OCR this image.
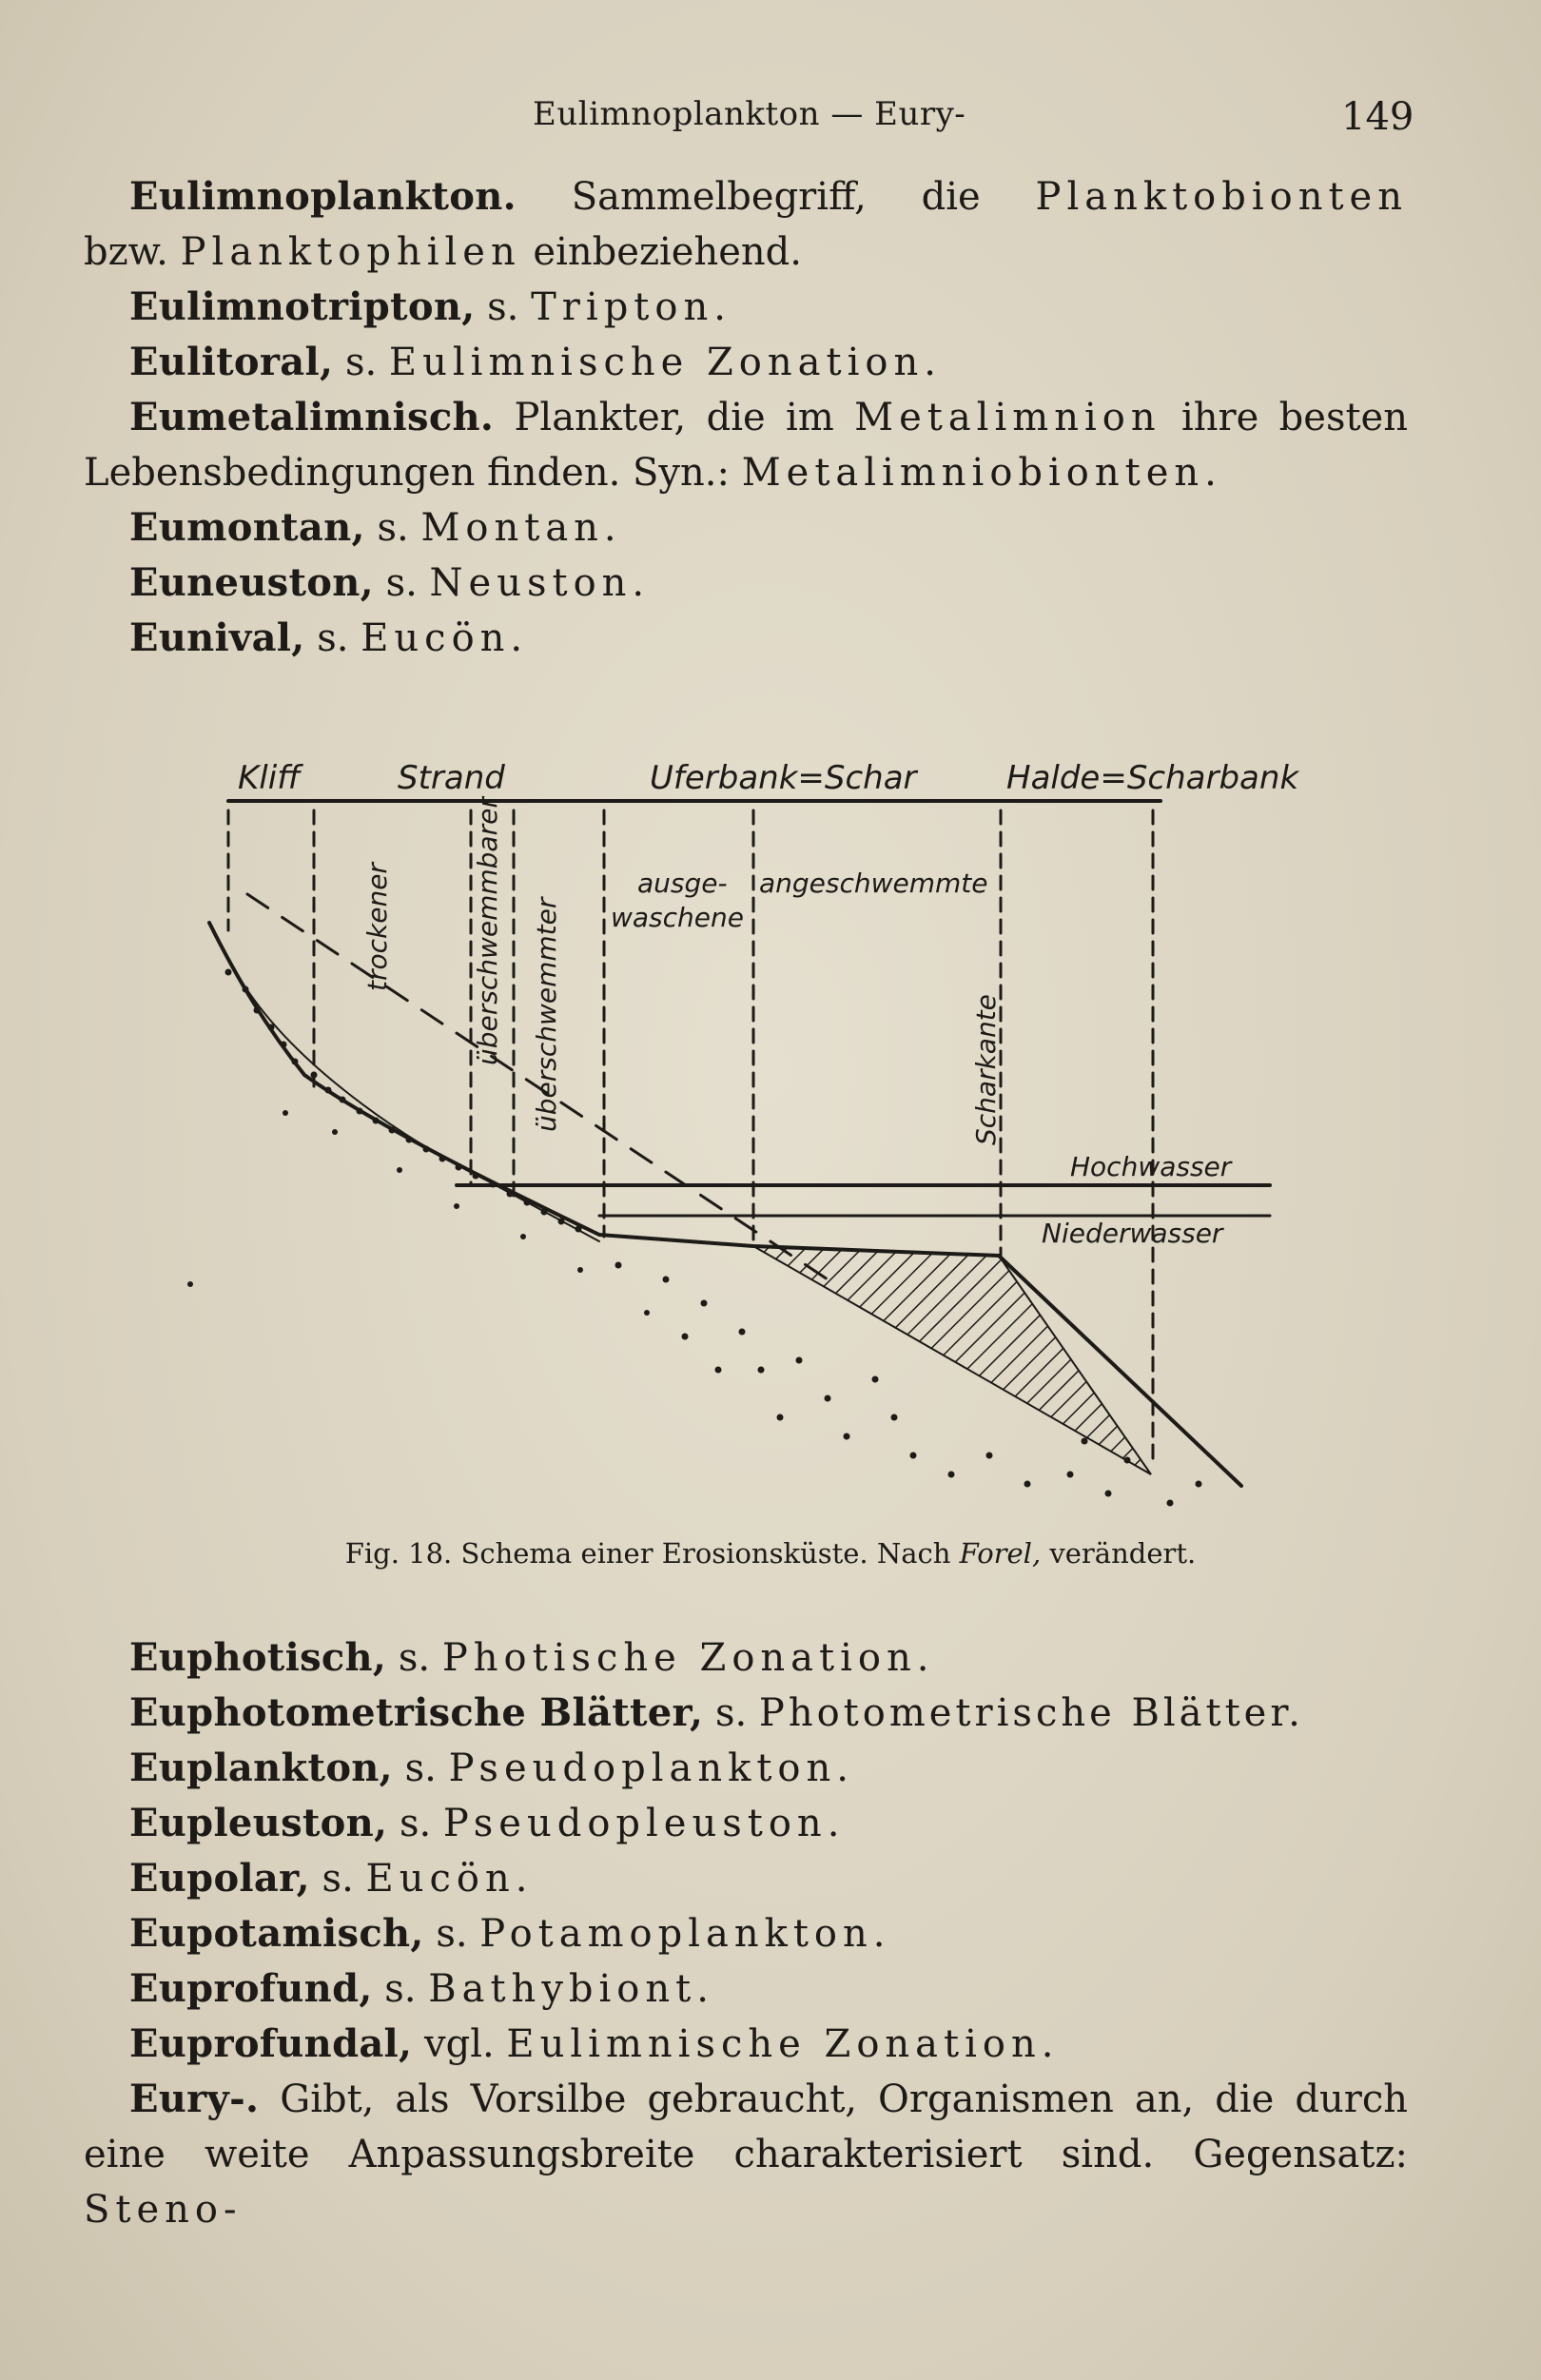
Eulimnoplankton — Eury-	149

Eulimnoplankton. Sammelbegriff, die Planktobionten

bzw. Planktophilen einbeziehend.

Eulimnotripton, s. Tripton.
Eulitoral, s. Eulimnische Zonation.

Eumetalimnisch. Plankter, die im Metalimnion ihre besten

Lebensbedingungen finden. Syn.: Metalimniobionten.

Eumontan, s. Montan.
Euneuston, s. Neuston.
Eunival, s. Eucön.
Kliff	Strand	Uferbank=Schar	Halde=Scharbank
trockener	überschwemmbarer überschwemmter
ausge-
waschene
angeschwemmte
Scharkante
Hochwasser
Niederwasser
Fig. 18. Schema einer Erosionsküste. Nach Forel, verändert.
Euphotisch, s. Photische Zonation.
Euphotometrische Blätter, s. Photometrische Blätter.
Euplankton, s. Pseudoplankton.
Eupleuston, s. Pseudopleuston.
Eupolar, s. Eucön.
Eupotamisch, s. Potamoplankton.
Euprofund, s. Bathybiont.
Euprofundal, vgl. Eulimnische Zonation.

Eury-. Gibt, als Vorsilbe gebraucht, Organismen an, die durch

eine weite Anpassungsbreite charakterisiert sind. Gegensatz:

Steno-
